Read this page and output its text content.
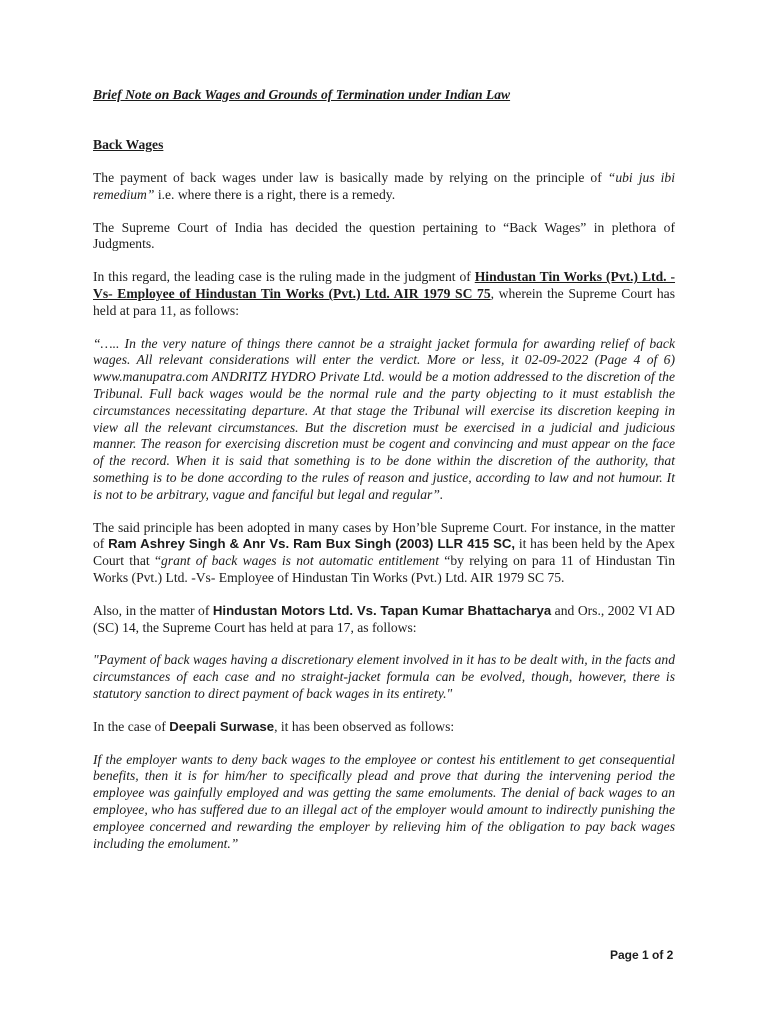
Brief Note on Back Wages and Grounds of Termination under Indian Law

Back Wages

The payment of back wages under law is basically made by relying on the principle of “ubi jus ibi remedium” i.e. where there is a right, there is a remedy.

The Supreme Court of India has decided the question pertaining to “Back Wages” in plethora of Judgments.

In this regard, the leading case is the ruling made in the judgment of Hindustan Tin Works (Pvt.) Ltd. -Vs- Employee of Hindustan Tin Works (Pvt.) Ltd. AIR 1979 SC 75, wherein the Supreme Court has held at para 11, as follows:

“….. In the very nature of things there cannot be a straight jacket formula for awarding relief of back wages. All relevant considerations will enter the verdict. More or less, it 02-09-2022 (Page 4 of 6) www.manupatra.com ANDRITZ HYDRO Private Ltd. would be a motion addressed to the discretion of the Tribunal. Full back wages would be the normal rule and the party objecting to it must establish the circumstances necessitating departure. At that stage the Tribunal will exercise its discretion keeping in view all the relevant circumstances. But the discretion must be exercised in a judicial and judicious manner. The reason for exercising discretion must be cogent and convincing and must appear on the face of the record. When it is said that something is to be done within the discretion of the authority, that something is to be done according to the rules of reason and justice, according to law and not humour. It is not to be arbitrary, vague and fanciful but legal and regular”.

The said principle has been adopted in many cases by Hon’ble Supreme Court. For instance, in the matter of Ram Ashrey Singh & Anr Vs. Ram Bux Singh (2003) LLR 415 SC, it has been held by the Apex Court that “grant of back wages is not automatic entitlement “by relying on para 11 of Hindustan Tin Works (Pvt.) Ltd. -Vs- Employee of Hindustan Tin Works (Pvt.) Ltd. AIR 1979 SC 75.

Also, in the matter of Hindustan Motors Ltd. Vs. Tapan Kumar Bhattacharya and Ors., 2002 VI AD (SC) 14, the Supreme Court has held at para 17, as follows:

"Payment of back wages having a discretionary element involved in it has to be dealt with, in the facts and circumstances of each case and no straight-jacket formula can be evolved, though, however, there is statutory sanction to direct payment of back wages in its entirety."

In the case of Deepali Surwase, it has been observed as follows:

If the employer wants to deny back wages to the employee or contest his entitlement to get consequential benefits, then it is for him/her to specifically plead and prove that during the intervening period the employee was gainfully employed and was getting the same emoluments. The denial of back wages to an employee, who has suffered due to an illegal act of the employer would amount to indirectly punishing the employee concerned and rewarding the employer by relieving him of the obligation to pay back wages including the emolument.”

Page 1 of 2
